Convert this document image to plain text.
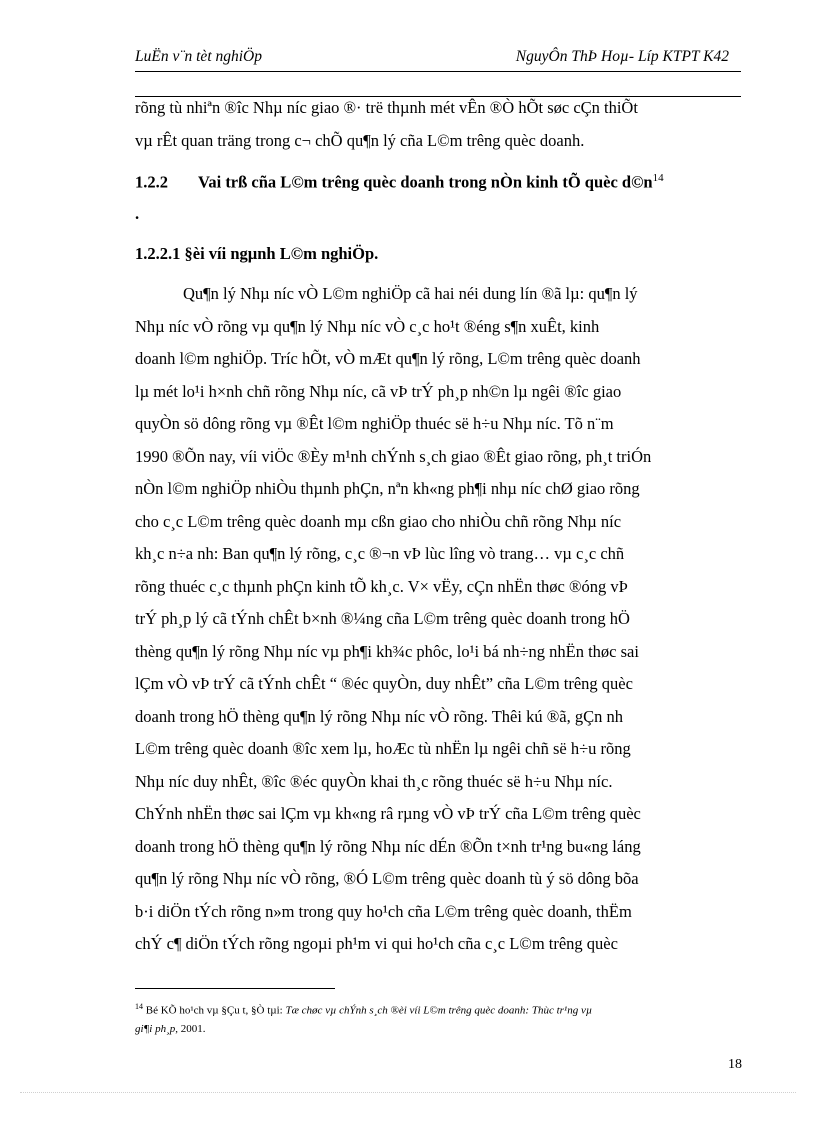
LuËn v¨n tèt nghiÖp	NguyÔn ThÞ Hoµ- Líp KTPT K42
rõng tù nhiªn ®îc Nhµ níc giao ®· trë thµnh mét vÊn ®Ò hÕt søc cÇn thiÕt
vµ rÊt quan träng trong c¬ chÕ qu¶n lý cña L©m trêng quèc doanh.
1.2.2 Vai trß cña L©m trêng quèc doanh trong nÒn kinh tÕ quèc $d©n^{14}$
.
1.2.2.1 §èi víi ngµnh L©m nghiÖp.
Qu¶n lý Nhµ níc vÒ L©m nghiÖp cã hai néi dung lín ®ã lµ: qu¶n lý
Nhµ níc vÒ rõng vµ qu¶n lý Nhµ níc vÒ c¸c ho¹t ®éng s¶n xuÊt, kinh
doanh l©m nghiÖp. Tríc hÕt, vÒ mÆt qu¶n lý rõng, L©m trêng quèc doanh
lµ mét lo¹i h×nh chñ rõng Nhµ níc, cã vÞ trÝ ph¸p nh©n lµ ngêi ®îc giao
quyÒn sö dông rõng vµ ®Êt l©m nghiÖp thuéc së h÷u Nhµ níc. Tõ n¨m
1990 ®Õn nay, víi viÖc ®Èy m¹nh chÝnh s¸ch giao ®Êt giao rõng, ph¸t triÓn
nÒn l©m nghiÖp nhiÒu thµnh phÇn, nªn kh«ng ph¶i nhµ níc chØ giao rõng
cho c¸c L©m trêng quèc doanh mµ cßn giao cho nhiÒu chñ rõng Nhµ níc
kh¸c n÷a nh: Ban qu¶n lý rõng, c¸c ®¬n vÞ lùc lîng vò trang… vµ c¸c chñ
rõng thuéc c¸c thµnh phÇn kinh tÕ kh¸c. V× vËy, cÇn nhËn thøc ®óng vÞ
trÝ ph¸p lý cã tÝnh chÊt b×nh ®¼ng cña L©m trêng quèc doanh trong hÖ
thèng qu¶n lý rõng Nhµ níc vµ ph¶i kh¾c phôc, lo¹i bá nh÷ng nhËn thøc sai
lÇm vÒ vÞ trÝ cã tÝnh chÊt “ ®éc quyÒn, duy nhÊt” cña L©m trêng quèc
doanh trong hÖ thèng qu¶n lý rõng Nhµ níc vÒ rõng. Thêi kú ®ã, gÇn nh
L©m trêng quèc doanh ®îc xem lµ, hoÆc tù nhËn lµ ngêi chñ së h÷u rõng
Nhµ níc duy nhÊt, ®îc ®éc quyÒn khai th¸c rõng thuéc së h÷u Nhµ níc.
ChÝnh nhËn thøc sai lÇm vµ kh«ng râ rµng vÒ vÞ trÝ cña L©m trêng quèc
doanh trong hÖ thèng qu¶n lý rõng Nhµ níc dÉn ®Õn t×nh tr¹ng bu«ng láng
qu¶n lý rõng Nhµ níc vÒ rõng, ®Ó L©m trêng quèc doanh tù ý sö dông bõa
b·i diÖn tÝch rõng n»m trong quy ho¹ch cña L©m trêng quèc doanh, thËm
chÝ c¶ diÖn tÝch rõng ngoµi ph¹m vi qui ho¹ch cña c¸c L©m trêng quèc
$^{14}$ Bé KÕ ho¹ch vµ §Çu t, §Ò tµi: Tæ chøc vµ chÝnh s¸ch ®èi víi L©m trêng quèc doanh: Thùc tr¹ng vµ
gi¶i ph¸p, 2001.
18
